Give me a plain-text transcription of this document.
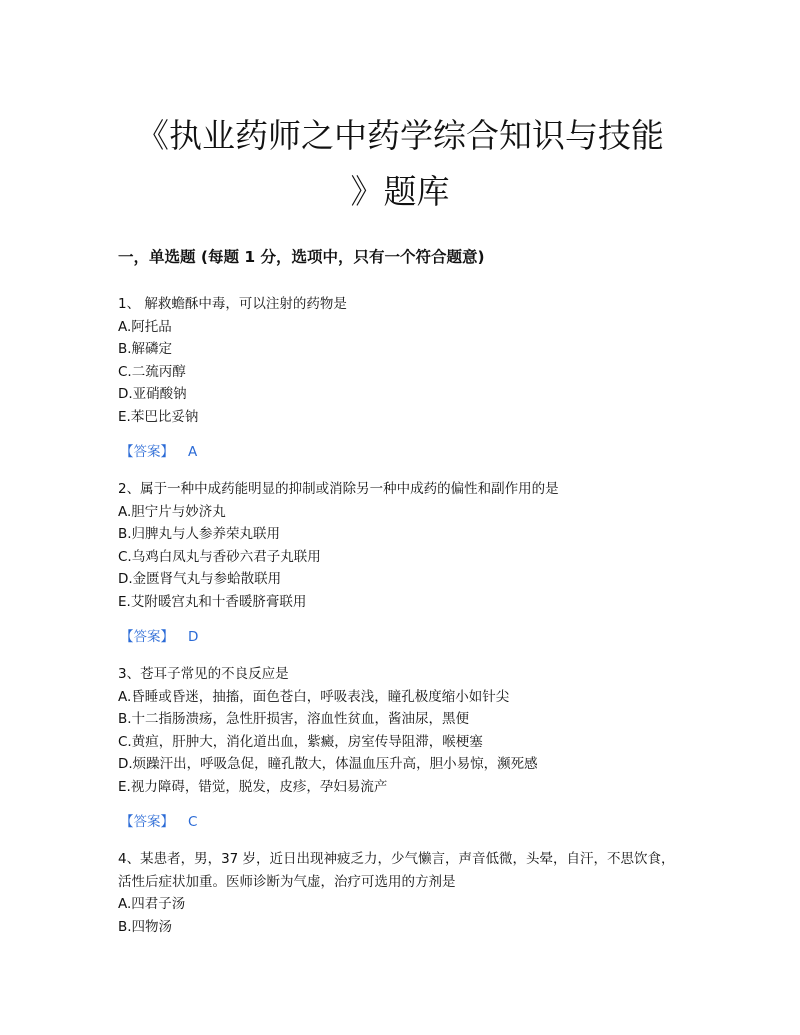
《执业药师之中药学综合知识与技能
》题库

一，单选题 (每题 1 分，选项中，只有一个符合题意)

1、 解救蟾酥中毒，可以注射的药物是

A.阿托品

B.解磷定

C.二巯丙醇

D.亚硝酸钠

E.苯巴比妥钠

【答案】 A

2、属于一种中成药能明显的抑制或消除另一种中成药的偏性和副作用的是

A.胆宁片与妙济丸

B.归脾丸与人参养荣丸联用

C.乌鸡白凤丸与香砂六君子丸联用

D.金匮肾气丸与参蛤散联用

E.艾附暖宫丸和十香暖脐膏联用

【答案】 D

3、苍耳子常见的不良反应是

A.昏睡或昏迷，抽搐，面色苍白，呼吸表浅，瞳孔极度缩小如针尖

B.十二指肠溃疡，急性肝损害，溶血性贫血，酱油尿，黑便

C.黄疸，肝肿大，消化道出血，紫癜，房室传导阻滞，喉梗塞

D.烦躁汗出，呼吸急促，瞳孔散大，体温血压升高，胆小易惊，濒死感

E.视力障碍，错觉，脱发，皮疹，孕妇易流产

【答案】 C

4、某患者，男，37 岁，近日出现神疲乏力，少气懒言，声音低微，头晕，自汗，不思饮食，活性后症状加重。医师诊断为气虚，治疗可选用的方剂是

A.四君子汤

B.四物汤
